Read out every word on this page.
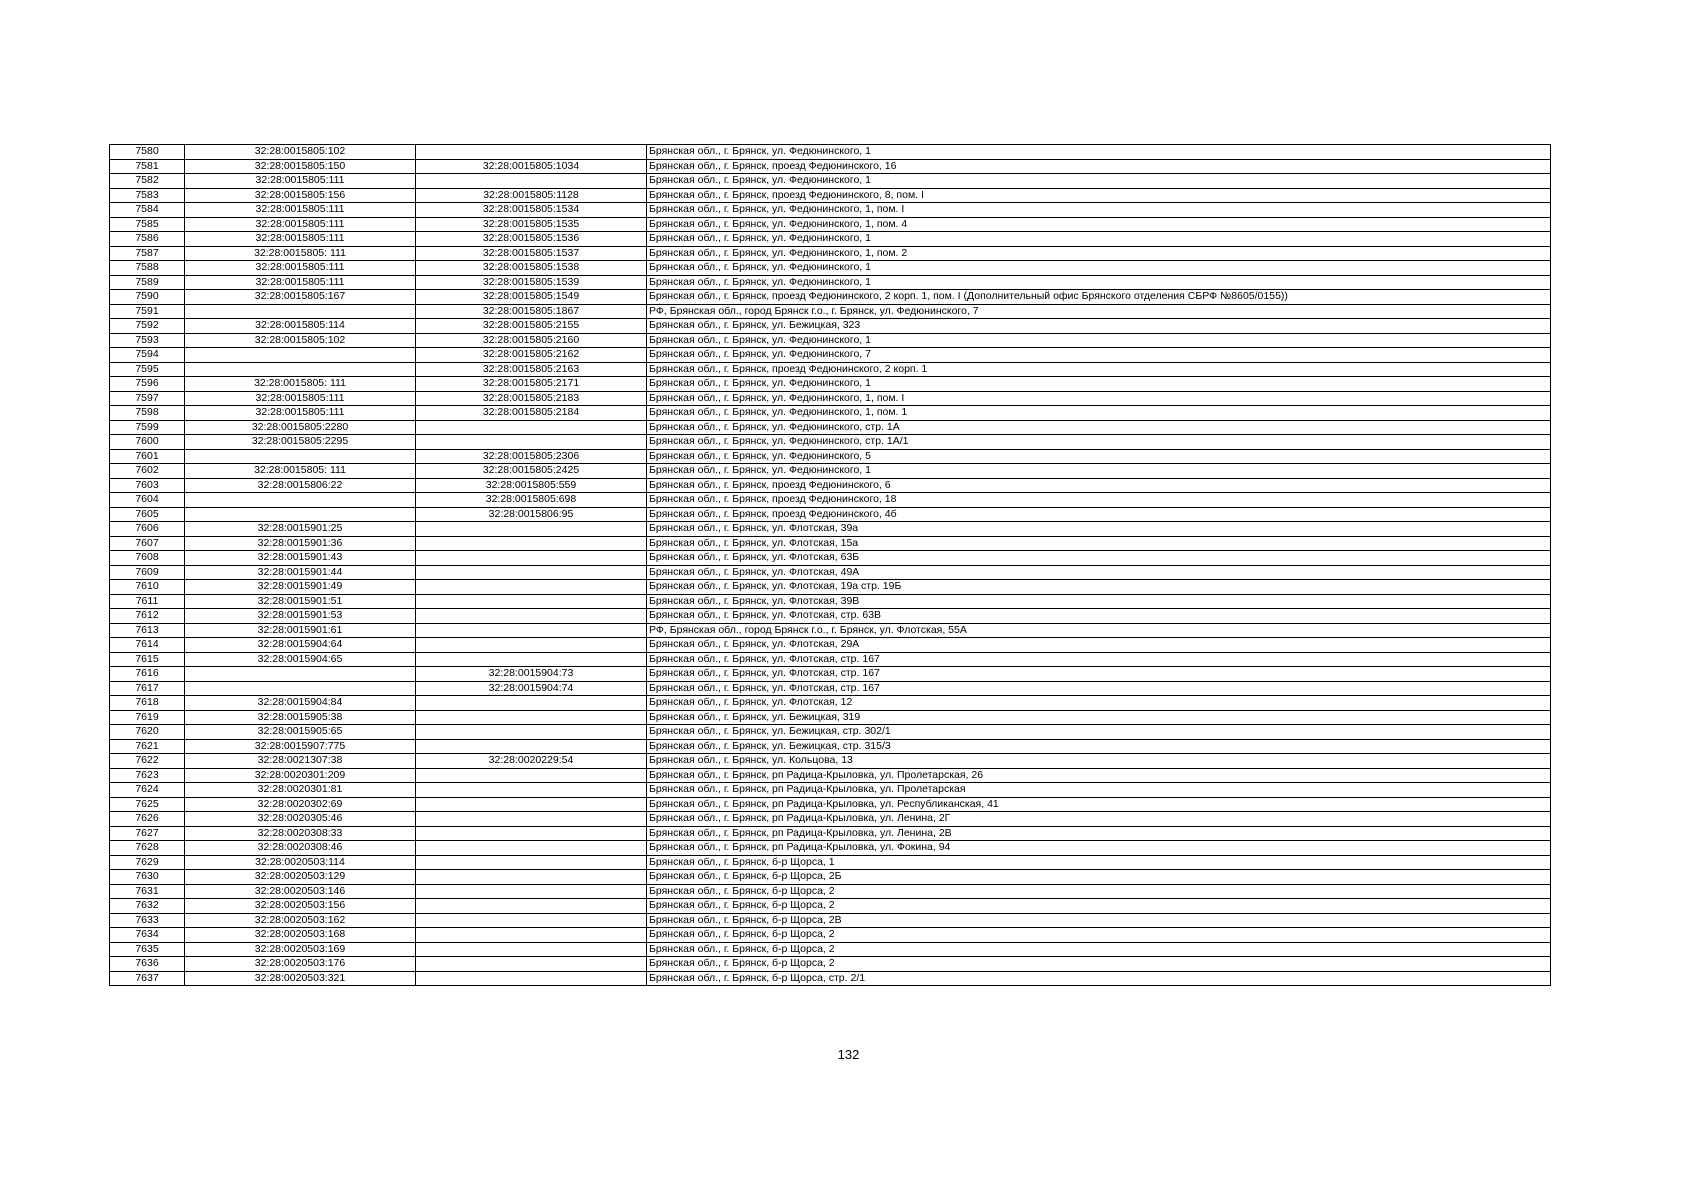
7580	32:28:0015805:102		Брянская обл., г. Брянск, ул. Федюнинского, 1
7581	32:28:0015805:150	32:28:0015805:1034	Брянская обл., г. Брянск, проезд Федюнинского, 16
7582	32:28:0015805:111		Брянская обл., г. Брянск, ул. Федюнинского, 1
7583	32:28:0015805:156	32:28:0015805:1128	Брянская обл., г. Брянск, проезд Федюнинского, 8, пом. I
7584	32:28:0015805:111	32:28:0015805:1534	Брянская обл., г. Брянск, ул. Федюнинского, 1, пом. I
7585	32:28:0015805:111	32:28:0015805:1535	Брянская обл., г. Брянск, ул. Федюнинского, 1, пом. 4
7586	32:28:0015805:111	32:28:0015805:1536	Брянская обл., г. Брянск, ул. Федюнинского, 1
7587	32:28:0015805: 111	32:28:0015805:1537	Брянская обл., г. Брянск, ул. Федюнинского, 1, пом. 2
7588	32:28:0015805:111	32:28:0015805:1538	Брянская обл., г. Брянск, ул. Федюнинского, 1
7589	32:28:0015805:111	32:28:0015805:1539	Брянская обл., г. Брянск, ул. Федюнинского, 1
7590	32:28:0015805:167	32:28:0015805:1549	Брянская обл., г. Брянск, проезд Федюнинского, 2 корп. 1, пом. I (Дополнительный офис Брянского отделения СБРФ №8605/0155))
7591		32:28:0015805:1867	РФ, Брянская обл., город Брянск г.о., г. Брянск, ул. Федюнинского, 7
7592	32:28:0015805:114	32:28:0015805:2155	Брянская обл., г. Брянск, ул. Бежицкая, 323
7593	32:28:0015805:102	32:28:0015805:2160	Брянская обл., г. Брянск, ул. Федюнинского, 1
7594		32:28:0015805:2162	Брянская обл., г. Брянск, ул. Федюнинского, 7
7595		32:28:0015805:2163	Брянская обл., г. Брянск, проезд Федюнинского, 2 корп. 1
7596	32:28:0015805: 111	32:28:0015805:2171	Брянская обл., г. Брянск, ул. Федюнинского, 1
7597	32:28:0015805:111	32:28:0015805:2183	Брянская обл., г. Брянск, ул. Федюнинского, 1, пом. I
7598	32:28:0015805:111	32:28:0015805:2184	Брянская обл., г. Брянск, ул. Федюнинского, 1, пом. 1
7599	32:28:0015805:2280		Брянская обл., г. Брянск, ул. Федюнинского, стр. 1А
7600	32:28:0015805:2295		Брянская обл., г. Брянск, ул. Федюнинского, стр. 1А/1
7601		32:28:0015805:2306	Брянская обл., г. Брянск, ул. Федюнинского, 5
7602	32:28:0015805: 111	32:28:0015805:2425	Брянская обл., г. Брянск, ул. Федюнинского, 1
7603	32:28:0015806:22	32:28:0015805:559	Брянская обл., г. Брянск, проезд Федюнинского, 6
7604		32:28:0015805:698	Брянская обл., г. Брянск, проезд Федюнинского, 18
7605		32:28:0015806:95	Брянская обл., г. Брянск, проезд Федюнинского, 4б
7606	32:28:0015901:25		Брянская обл., г. Брянск, ул. Флотская, 39а
7607	32:28:0015901:36		Брянская обл., г. Брянск, ул. Флотская, 15а
7608	32:28:0015901:43		Брянская обл., г. Брянск, ул. Флотская, 63Б
7609	32:28:0015901:44		Брянская обл., г. Брянск, ул. Флотская, 49А
7610	32:28:0015901:49		Брянская обл., г. Брянск, ул. Флотская, 19а стр. 19Б
7611	32:28:0015901:51		Брянская обл., г. Брянск, ул. Флотская, 39В
7612	32:28:0015901:53		Брянская обл., г. Брянск, ул. Флотская, стр. 63В
7613	32:28:0015901:61		РФ, Брянская обл., город Брянск г.о., г. Брянск, ул. Флотская, 55А
7614	32:28:0015904:64		Брянская обл., г. Брянск, ул. Флотская, 29А
7615	32:28:0015904:65		Брянская обл., г. Брянск, ул. Флотская, стр. 167
7616		32:28:0015904:73	Брянская обл., г. Брянск, ул. Флотская, стр. 167
7617		32:28:0015904:74	Брянская обл., г. Брянск, ул. Флотская, стр. 167
7618	32:28:0015904:84		Брянская обл., г. Брянск, ул. Флотская, 12
7619	32:28:0015905:38		Брянская обл., г. Брянск, ул. Бежицкая, 319
7620	32:28:0015905:65		Брянская обл., г. Брянск, ул. Бежицкая, стр. 302/1
7621	32:28:0015907:775		Брянская обл., г. Брянск, ул. Бежицкая, стр. 315/3
7622	32:28:0021307:38	32:28:0020229:54	Брянская обл., г. Брянск, ул. Кольцова, 13
7623	32:28:0020301:209		Брянская обл., г. Брянск, рп Радица-Крыловка, ул. Пролетарская, 26
7624	32:28:0020301:81		Брянская обл., г. Брянск, рп Радица-Крыловка, ул. Пролетарская
7625	32:28:0020302:69		Брянская обл., г. Брянск, рп Радица-Крыловка, ул. Республиканская, 41
7626	32:28:0020305:46		Брянская обл., г. Брянск, рп Радица-Крыловка, ул. Ленина, 2Г
7627	32:28:0020308:33		Брянская обл., г. Брянск, рп Радица-Крыловка, ул. Ленина, 2В
7628	32:28:0020308:46		Брянская обл., г. Брянск, рп Радица-Крыловка, ул. Фокина, 94
7629	32:28:0020503:114		Брянская обл., г. Брянск, б-р Щорса, 1
7630	32:28:0020503:129		Брянская обл., г. Брянск, б-р Щорса, 2Б
7631	32:28:0020503:146		Брянская обл., г. Брянск, б-р Щорса, 2
7632	32:28:0020503:156		Брянская обл., г. Брянск, б-р Щорса, 2
7633	32:28:0020503:162		Брянская обл., г. Брянск, б-р Щорса, 2В
7634	32:28:0020503:168		Брянская обл., г. Брянск, б-р Щорса, 2
7635	32:28:0020503:169		Брянская обл., г. Брянск, б-р Щорса, 2
7636	32:28:0020503:176		Брянская обл., г. Брянск, б-р Щорса, 2
7637	32:28:0020503:321		Брянская обл., г. Брянск, б-р Щорса, стр. 2/1
132
